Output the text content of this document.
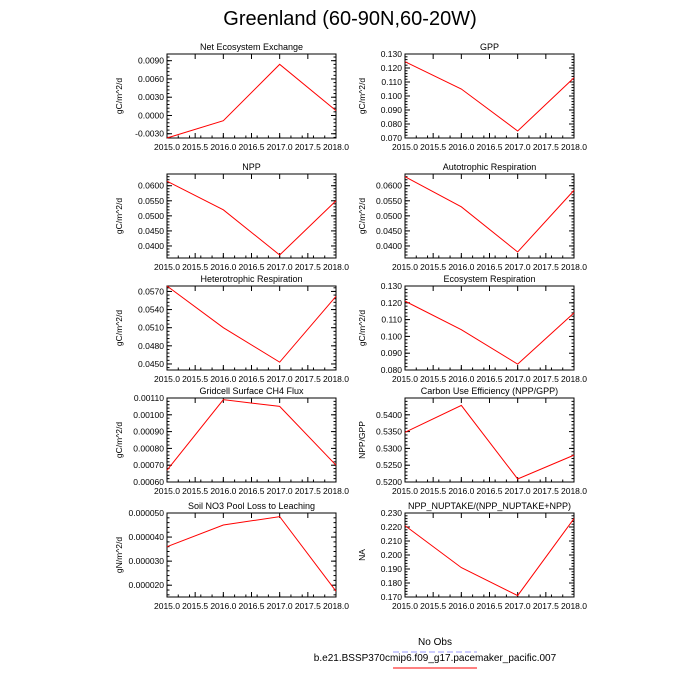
Greenland (60-90N,60-20W)
2015.0 2015.5 2016.0 2016.5 2017.0 2017.5 2018.0
-0.0030
0.0000
0.0030
0.0060
0.0090
Net Ecosystem Exchange
gC/m^2/d
2015.0 2015.5 2016.0 2016.5 2017.0 2017.5 2018.0
0.070
0.080
0.090
0.100
0.110
0.120
0.130
GPP
gC/m^2/d
2015.0 2015.5 2016.0 2016.5 2017.0 2017.5 2018.0
0.0400
0.0450
0.0500
0.0550
0.0600
NPP
gC/m^2/d
2015.0 2015.5 2016.0 2016.5 2017.0 2017.5 2018.0
0.0400
0.0450
0.0500
0.0550
0.0600
Autotrophic Respiration
gC/m^2/d
2015.0 2015.5 2016.0 2016.5 2017.0 2017.5 2018.0
0.0450
0.0480
0.0510
0.0540
0.0570
Heterotrophic Respiration
gC/m^2/d
2015.0 2015.5 2016.0 2016.5 2017.0 2017.5 2018.0
0.080
0.090
0.100
0.110
0.120
0.130
Ecosystem Respiration
gC/m^2/d
2015.0 2015.5 2016.0 2016.5 2017.0 2017.5 2018.0
0.00060
0.00070
0.00080
0.00090
0.00100
0.00110
Gridcell Surface CH4 Flux
gC/m^2/d
2015.0 2015.5 2016.0 2016.5 2017.0 2017.5 2018.0
0.5200
0.5250
0.5300
0.5350
0.5400
Carbon Use Efficiency (NPP/GPP)
NPP/GPP
2015.0 2015.5 2016.0 2016.5 2017.0 2017.5 2018.0
0.000020
0.000030
0.000040
0.000050
Soil NO3 Pool Loss to Leaching
gN/m^2/d
2015.0 2015.5 2016.0 2016.5 2017.0 2017.5 2018.0
0.170
0.180
0.190
0.200
0.210
0.220
0.230
NPP_NUPTAKE/(NPP_NUPTAKE+NPP)
NA
No Obs
b.e21.BSSP370cmip6.f09_g17.pacemaker_pacific.007
